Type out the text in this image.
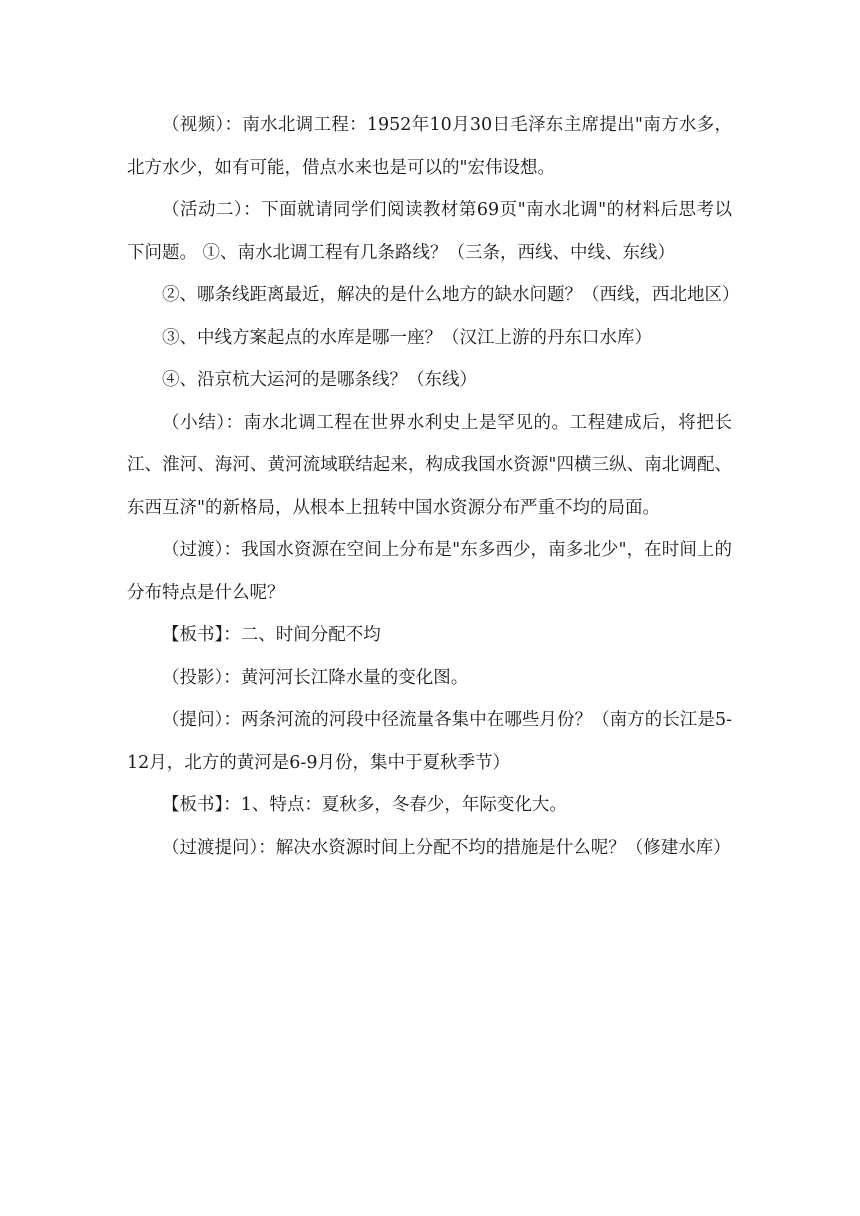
（视频）：南水北调工程：1952年10月30日毛泽东主席提出"南方水多，北方水少，如有可能，借点水来也是可以的"宏伟设想。

（活动二）：下面就请同学们阅读教材第69页"南水北调"的材料后思考以下问题。 ①、南水北调工程有几条路线？（三条，西线、中线、东线）

②、哪条线距离最近，解决的是什么地方的缺水问题？（西线，西北地区）

③、中线方案起点的水库是哪一座？（汉江上游的丹东口水库）

④、沿京杭大运河的是哪条线？（东线）

（小结）：南水北调工程在世界水利史上是罕见的。工程建成后，将把长江、淮河、海河、黄河流域联结起来，构成我国水资源"四横三纵、南北调配、东西互济"的新格局，从根本上扭转中国水资源分布严重不均的局面。

（过渡）：我国水资源在空间上分布是"东多西少，南多北少"，在时间上的分布特点是什么呢？

【板书】：二、时间分配不均

（投影）：黄河河长江降水量的变化图。

（提问）：两条河流的河段中径流量各集中在哪些月份？（南方的长江是5-12月，北方的黄河是6-9月份，集中于夏秋季节）

【板书】：1、特点：夏秋多，冬春少，年际变化大。

（过渡提问）：解决水资源时间上分配不均的措施是什么呢？（修建水库）
